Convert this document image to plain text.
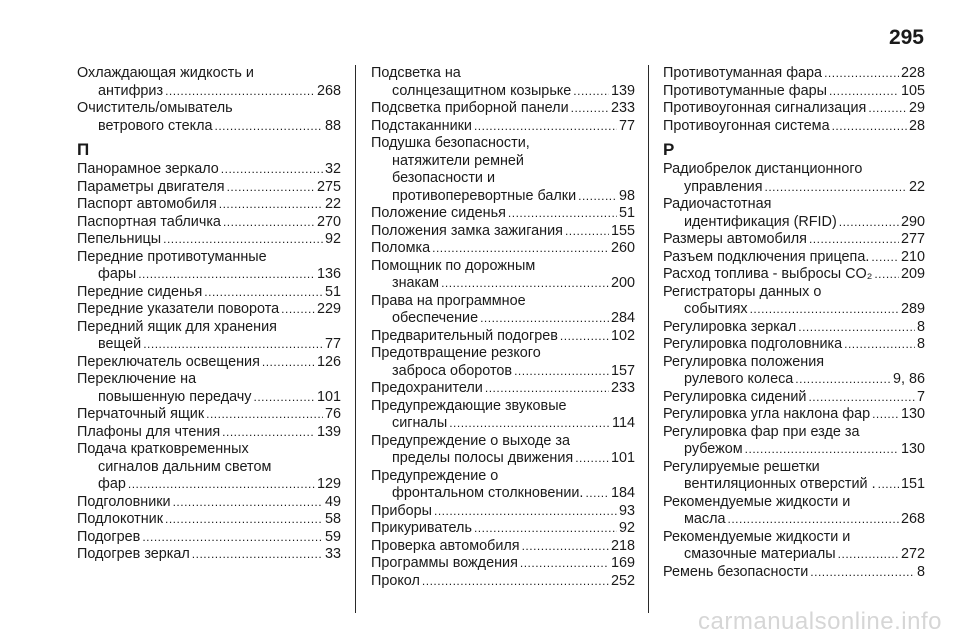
295
Охлаждающая жидкость и
антифриз .....	268
Очиститель/омыватель
ветрового стекла .....	88
П
Панорамное зеркало .....	32
Параметры двигателя .....	275
Паспорт автомобиля .....	22
Паспортная табличка .....	270
Пепельницы .....	92
Передние противотуманные
фары .....	136
Передние сиденья .....	51
Передние указатели поворота .....	229
Передний ящик для хранения
вещей .....	77
Переключатель освещения .....	126
Переключение на
повышенную передачу .....	101
Перчаточный ящик .....	76
Плафоны для чтения .....	139
Подача кратковременных
сигналов дальним светом
фар .....	129
Подголовники .....	49
Подлокотник .....	58
Подогрев .....	59
Подогрев зеркал .....	33
Подсветка на
солнцезащитном козырьке .....	139
Подсветка приборной панели .....	233
Подстаканники .....	77
Подушка безопасности,
натяжители ремней
безопасности и
противоперевортные балки .....	98
Положение сиденья .....	51
Положения замка зажигания .....	155
Поломка .....	260
Помощник по дорожным
знакам .....	200
Права на программное
обеспечение .....	284
Предварительный подогрев .....	102
Предотвращение резкого
заброса оборотов .....	157
Предохранители .....	233
Предупреждающие звуковые
сигналы .....	114
Предупреждение о выходе за
пределы полосы движения .....	101
Предупреждение о
фронтальном столкновении. ..... 184
Приборы .....	93
Прикуриватель .....	92
Проверка автомобиля .....	218
Программы вождения .....	169
Прокол .....	252
Противотуманная фара .....	228
Противотуманные фары .....	105
Противоугонная сигнализация .....	29
Противоугонная система .....	28
Р
Радиобрелок дистанционного
управления .....	22
Радиочастотная
идентификация (RFID) .....	290
Размеры автомобиля .....	277
Разъем подключения прицепа. ..... 210
Расход топлива - выбросы CO₂ ..... 209
Регистраторы данных о
событиях .....	289
Регулировка зеркал .....	8
Регулировка подголовника .....	8
Регулировка положения
рулевого колеса .....	9, 86
Регулировка сидений .....	7
Регулировка угла наклона фар ..... 130
Регулировка фар при езде за
рубежом .....	130
Регулируемые решетки
вентиляционных отверстий . ..... 151
Рекомендуемые жидкости и
масла .....	268
Рекомендуемые жидкости и
смазочные материалы .....	272
Ремень безопасности .....	8
carmanualsonline.info
